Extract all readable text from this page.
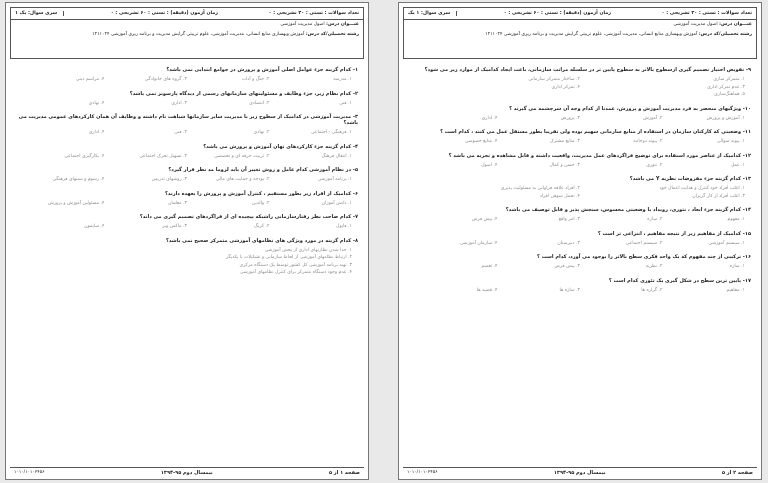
تعداد سوالات : تستی : ۴۰ تشریحی : ۰
زمان آزمون (دقیقه) : تستی : ۶۰ تشریحی : ۰
سری سوال: یک ۱
عنـــوان درس: اصول مدیریت آموزشی
رشته تحصیلی/کد درس: آموزش وبهسازی منابع انسانی، مدیریت آموزشی، علوم تربیتی گرایش مدیریت و برنامه ریزی آموزشی ۱۲۱۱۰۲۴
۱- کدام گزینه جزء عوامل اصلی آموزش و پرورش در جوامع ابتدایی نمی باشد؟
۱. مدرسه
۲. جنگ و آداب
۳. گروه های خانوادگی
۴. مراسم دینی
۲- کدام نظام زیر، جزء وظایف و مسئولیتهای سازمانهای رسمی از دیدگاه پارسونز نمی باشد؟
۱. فنی
۲. انتصادی
۳. اداری
۴. نهادی
۳- مدیریت آموزشی در کدامیک از سطوح زیر با مدیریت سایر سازمانها شباهت تام داشته و وظایف آن همان کارکردهای عمومی مدیریت می باشد؟
۱. فرهنگی - اجتماعی
۲. نهادی
۳. فنی
۴. اداری
۴- کدام گزینه جزء کارکردهای نهان آموزش و پرورش می باشد؟
۱. انتقال فرهنگ
۲. تربیت حرفه ای و تخصصی
۳. تسهیل تحرک اجتماعی
۴. بکارگیری اجتماعی
۵- در نظام آموزشی کدام عامل و روش تغییر آن باید لزوما مد نظر قرار گیرد؟
۱. برنامه آموزشی
۲. بودجه و حمایت های مالی
۳. روشهای تدریس
۴. رسوم و سنتهای فرهنگی
۶- کدامیک از افراد زیر بطور مستقیم ، کنترل آموزش و پرورش را بعهده دارند؟
۱. دانش آموزان
۲. والدین
۳. معلمان
۴. مسئولین آموزش و پرورش
۷- کدام صاحب نظر رفتارسازمانی راشبکه پیچیده ای از فراگردهای تصمیم گیری می داند؟
۱. فایول
۲. کریگ
۳. ماکس وبر
۴. سایمون
۸- کدام گزینه در مورد ویژگی های نظامهای آموزشی متمرکز صحیح نمی باشد؟
۱. جدا شدن نظارتهای اداری از بخش آموزشی
۲. ارتباط نظامهای آموزشی از لحاظ سازمانی و تشکیلات با یکدیگر
۳. تهیه برنامه آموزشی کل کشور توسط یک دستگاه مرکزی
۴. عدم وجود دستگاه متمرکز برای کنترل نظامهای آموزشی
صفحه ۱ از ۵
نیمسال دوم ۹۵-۱۳۹۴
۱۰۱۰/۱۰۱۰۲۴۵۶
تعداد سوالات : تستی : ۴۰ تشریحی : ۰
زمان آزمون (دقیقه) : تستی : ۶۰ تشریحی : ۰
سری سوال: ۱ یک
عنـــوان درس: اصول مدیریت آموزشی
رشته تحصیلی/کد درس: آموزش وبهسازی منابع انسانی، مدیریت آموزشی، علوم تربیتی گرایش مدیریت و برنامه ریزی آموزشی ۱۲۱۱۰۲۴
۹- تفویض اختیار تصمیم گیری ازسطوح بالاتر به سطوح پایین تر در سلسله مراتب سازمانی، باعث ایجاد کدامیک از موارد زیر می شود؟
۱. متمرکز سازی
۲. ساختار متمرکز سازمانی
۳. عدم تمرکز اداری
۴. تمرکز اداری
۵. هماهنگ‌سازی
۱۰- ویژگیهای منحصر به فرد مدیریت آموزش و پرورش، عمدتا از کدام وجه آن سرچشمه می گیرند ؟
۱. آموزش و پرورش
۲. آموزش
۳. پرورش
۴. اداری
۱۱- وضعیتی که کارکنان سازمان در استفاده از منابع سازمانی سهیم بوده ولی تقریبا بطور مستقل عمل می کنند ، کدام است ؟
۱. پیوند سوالی
۲. پیوند دوجانبه
۳. منابع مشترک
۴. منابع خصوصی
۱۲- کدامیک از عناصر مورد استفاده برای توضیح فراگردهای عمل مدیریت، واقعیت داشته و قابل مشاهده و تجربه می باشد ؟
۱. عمل
۲. نتوری
۳. حسن و کمال
۴. اصول
۱۳- کدام گزینه جزء مفروضات نظریه Y می باشد؟
۱. اغلب افراد خود کنترل و هدایت اعمال خود
۲. افراد علاقه فراوانی به مسئولیت پذیری
۳. اغلب افراد از کار گریزان
۴. تحمل سوهن افراد
۱۴- کدام گزینه جزء ابعاد ، نتوری، رویداد یا وضعیتی محسوس، سنجش پذیر و قابل توصیف می باشد؟
۱. مفهوم
۲. سازه
۳. امر واقع
۴. پیش فرض
۱۵- کدامیک از مفاهیم زیر از نتیجه مفاهیم ، انتزاعی تر است ؟
۱. سیستم آموزشی
۲. سیستم اجتماعی
۳. دبیرستان
۴. سازمان آموزشی
۱۶- ترکیبی از چند مفهوم که یک واحد فکری سطح بالاتر را بوجود می آورد، کدام است ؟
۱. سازه
۲. نظریه
۳. پیش فرض
۴. تعمیم
۱۷- پایین ترین سطح در شکل گیری یک تئوری کدام است ؟
۱. مفاهیم
۲. گزاره ها
۳. سازه ها
۴. قضیه ها
صفحه ۲ از ۵
نیمسال دوم ۹۵-۱۳۹۴
۱۰۱۰/۱۰۱۰۲۴۵۶
